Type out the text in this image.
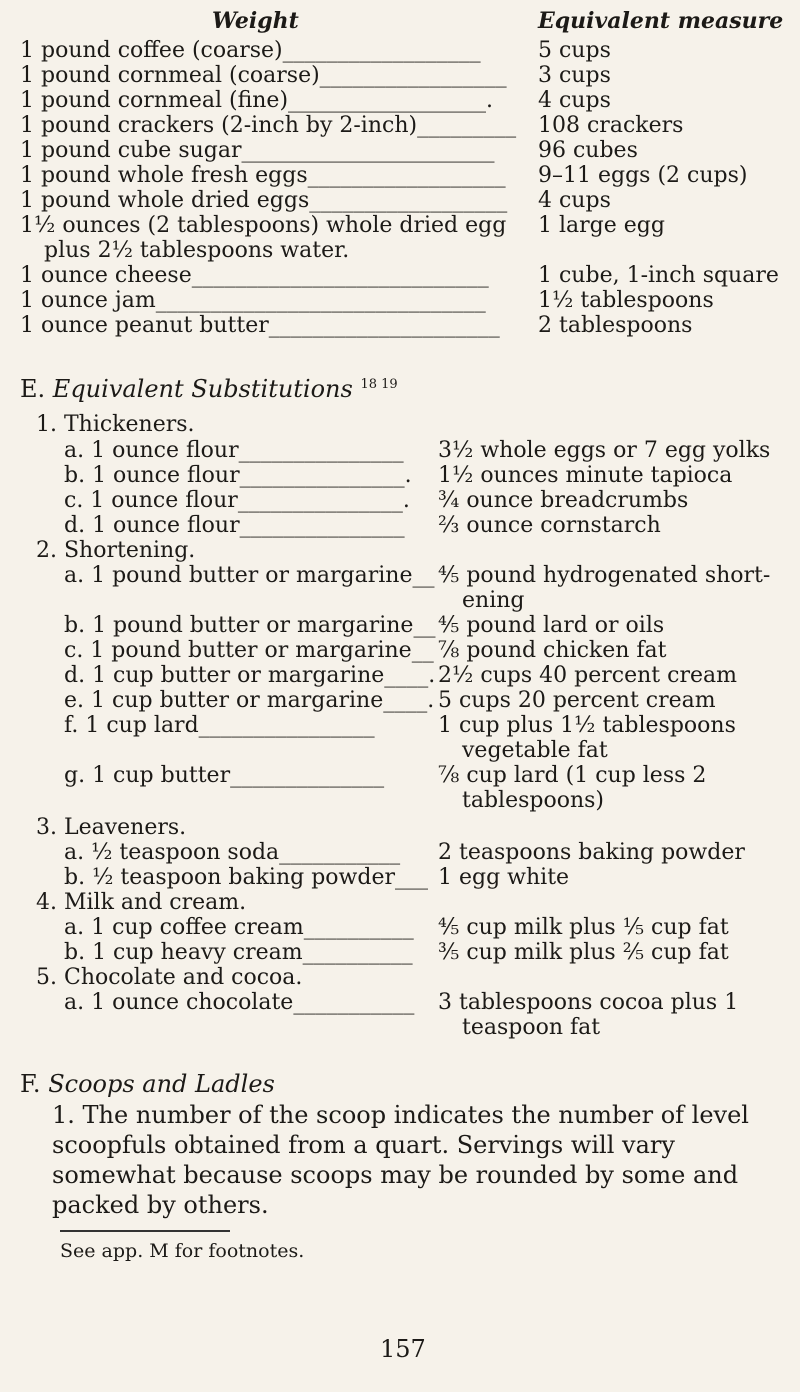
Weight	Equivalent measure
1 pound coffee (coarse)__________________	5 cups
1 pound cornmeal (coarse)_________________ 3 cups
1 pound cornmeal (fine)__________________. 4 cups
1 pound crackers (2-inch by 2-inch)_________ 108 crackers
1 pound cube sugar_______________________ 96 cubes
1 pound whole fresh eggs__________________ 9–11 eggs (2 cups)
1 pound whole dried eggs__________________ 4 cups
1½ ounces (2 tablespoons) whole dried egg 1 large egg
plus 2½ tablespoons water.
1 ounce cheese___________________________ 1 cube, 1-inch square
1 ounce jam______________________________ 1½ tablespoons
1 ounce peanut butter_____________________ 2 tablespoons
E. Equivalent Substitutions $^{18 19}$
1. Thickeners.
a. 1 ounce flour_______________ 3½ whole eggs or 7 egg yolks
b. 1 ounce flour_______________. 1½ ounces minute tapioca
c. 1 ounce flour_______________. ¾ ounce breadcrumbs
d. 1 ounce flour_______________ ⅔ ounce cornstarch
2. Shortening.
a. 1 pound butter or margarine__ ⅘ pound hydrogenated short-
ening
b. 1 pound butter or margarine__ ⅘ pound lard or oils
c. 1 pound butter or margarine__ ⅞ pound chicken fat
d. 1 cup butter or margarine____. 2½ cups 40 percent cream
e. 1 cup butter or margarine____. 5 cups 20 percent cream
f. 1 cup lard________________	1 cup plus 1½ tablespoons
vegetable fat
g. 1 cup butter______________ ⅞ cup lard (1 cup less 2
tablespoons)
3. Leaveners.
a. ½ teaspoon soda___________ 2 teaspoons baking powder
b. ½ teaspoon baking powder___ 1 egg white
4. Milk and cream.
a. 1 cup coffee cream__________ ⅘ cup milk plus ⅕ cup fat
b. 1 cup heavy cream__________ ⅗ cup milk plus ⅖ cup fat
5. Chocolate and cocoa.
a. 1 ounce chocolate___________ 3 tablespoons cocoa plus 1
teaspoon fat
F. Scoops and Ladles
1. The number of the scoop indicates the number of level scoopfuls obtained from a quart. Servings will vary somewhat because scoops may be rounded by some and packed by others.
See app. M for footnotes.
157
